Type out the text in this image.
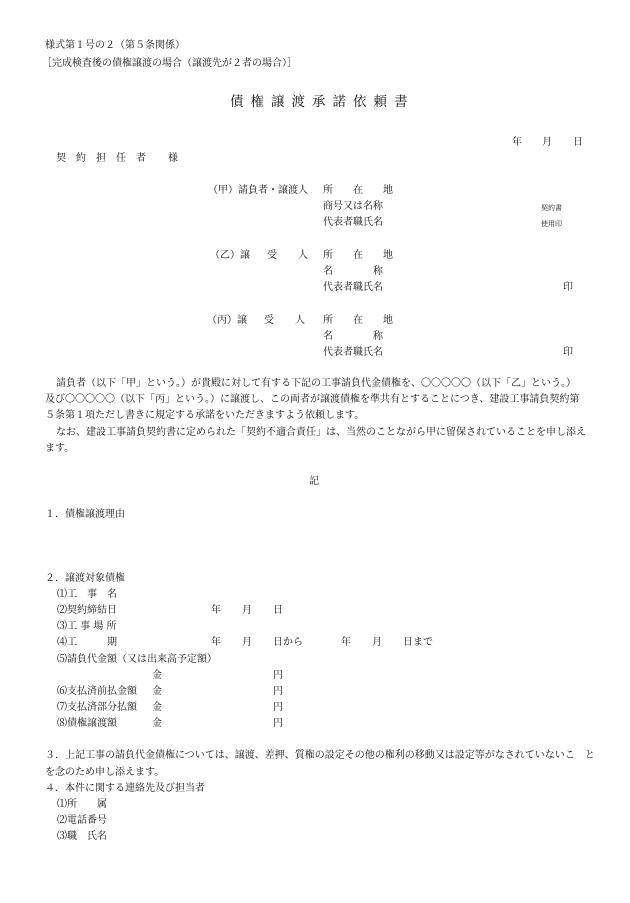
様式第１号の２（第５条関係）
［完成検査後の債権譲渡の場合（譲渡先が２者の場合）］
債権譲渡承諾依頼書
年 月 日
契　約　担　任　者 様
（甲）請負者・譲渡人 所　　在　　地
商号又は名称	契約書
代表者職氏名	使用印
（乙）譲 受 人 所　　在　　地
名　　　　称
代表者職氏名	印
（丙）譲 受 人 所　　在　　地
名　　　　称
代表者職氏名	印
請負者（以下「甲」という。）が貴殿に対して有する下記の工事請負代金債権を、〇〇〇〇〇（以下「乙」という。）
及び〇〇〇〇〇（以下「丙」という。）に譲渡し、この両者が譲渡債権を準共有とすることにつき、建設工事請負契約第
５条第１項ただし書きに規定する承諾をいただきますよう依頼します。
なお、建設工事請負契約書に定められた「契約不適合責任」は、当然のことながら甲に留保されていることを申し添え
ます。
記
１．債権譲渡理由
２．譲渡対象債権
⑴工　事　名
⑵契約締結日	年 月 日
⑶工 事 場 所
⑷工　　　期	年 月 日から	年 月 日まで
⑸請負代金額（又は出来高予定額）
金	円
⑹支払済前払金額 金	円
⑺支払済部分払額 金	円
⑻債権譲渡額	金	円
３．上記工事の請負代金債権については、譲渡、差押、質権の設定その他の権利の移動又は設定等がなされていないこ　と
を念のため申し添えます。
４．本件に関する連絡先及び担当者
⑴所　　属
⑵電話番号
⑶職　氏名
